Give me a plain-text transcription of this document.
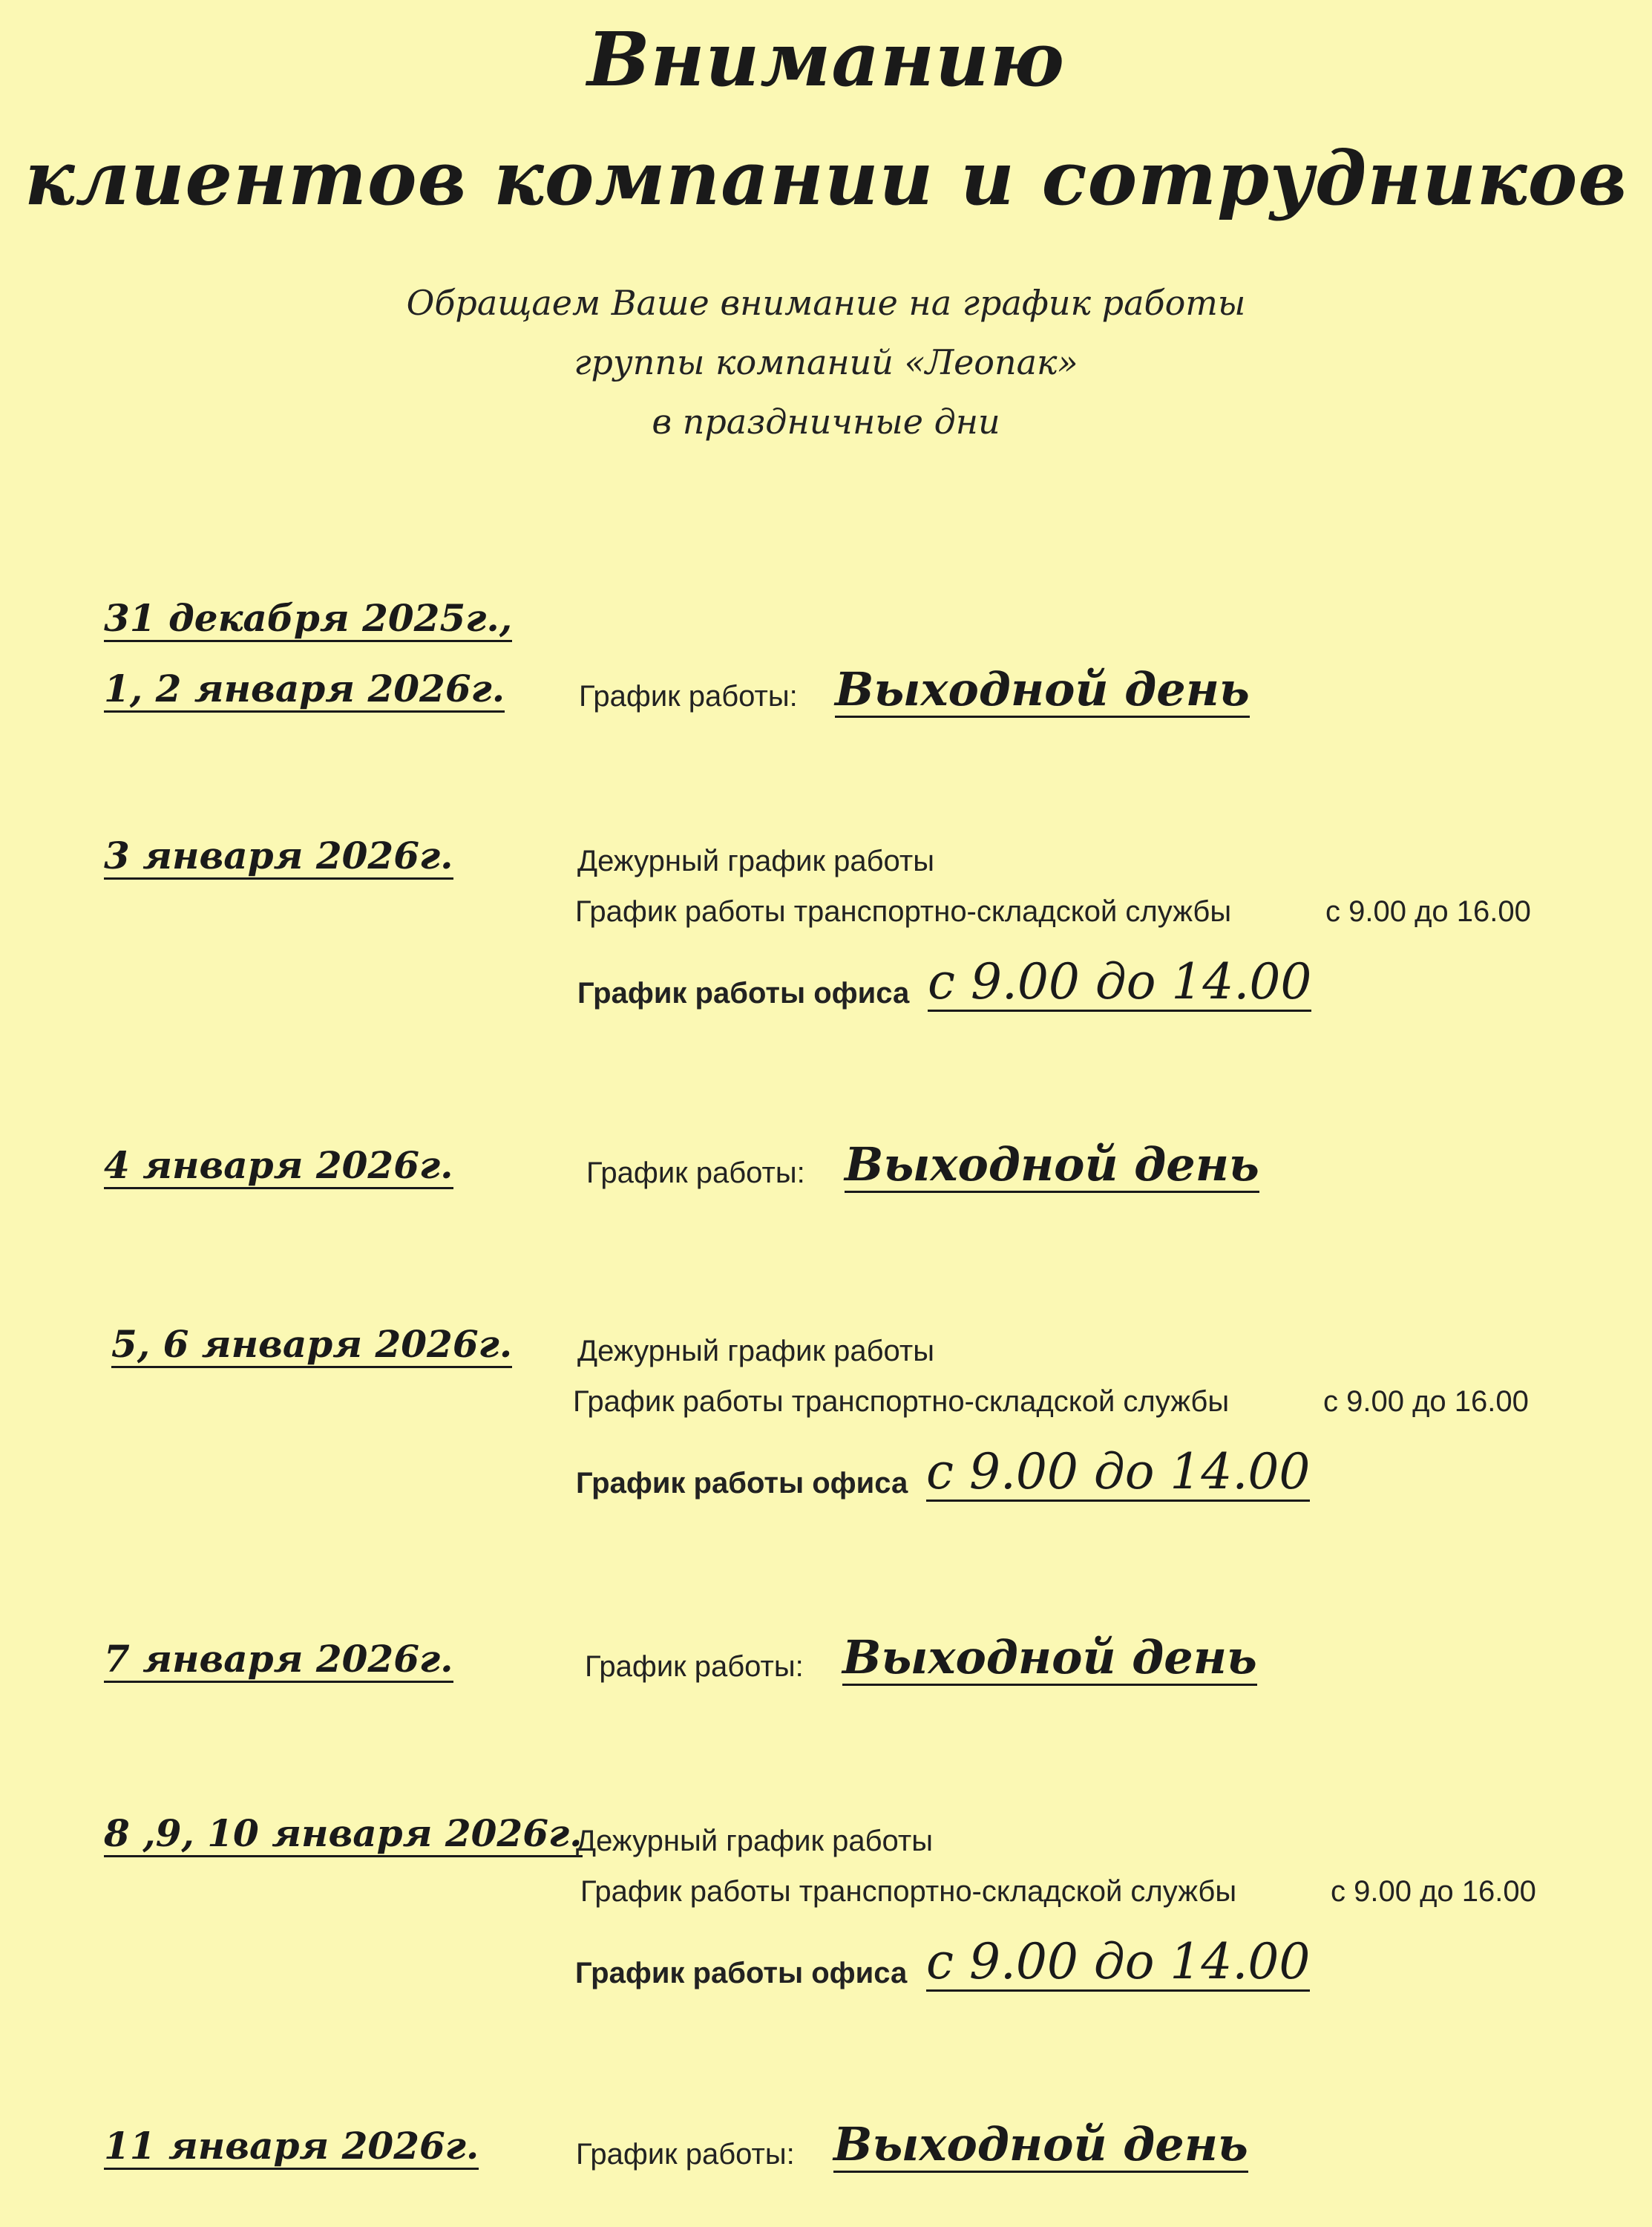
Вниманию
клиентов компании и сотрудников
Обращаем Ваше внимание на график работы
группы компаний «Леопак»
в праздничные дни
31 декабря 2025г.,
1, 2 января 2026г. График работы: Выходной день
3 января 2026г.	Дежурный график работы
График работы транспортно-складской службы	с 9.00 до 16.00
График работы офиса с 9.00 до 14.00
4 января 2026г.	График работы: Выходной день
5, 6 января 2026г. Дежурный график работы
График работы транспортно-складской службы	с 9.00 до 16.00
График работы офиса с 9.00 до 14.00
7 января 2026г.	График работы: Выходной день
8 ,9, 10 января 2026г.
Дежурный график работы
График работы транспортно-складской службы	с 9.00 до 16.00
График работы офиса с 9.00 до 14.00
11 января 2026г.	График работы: Выходной день
